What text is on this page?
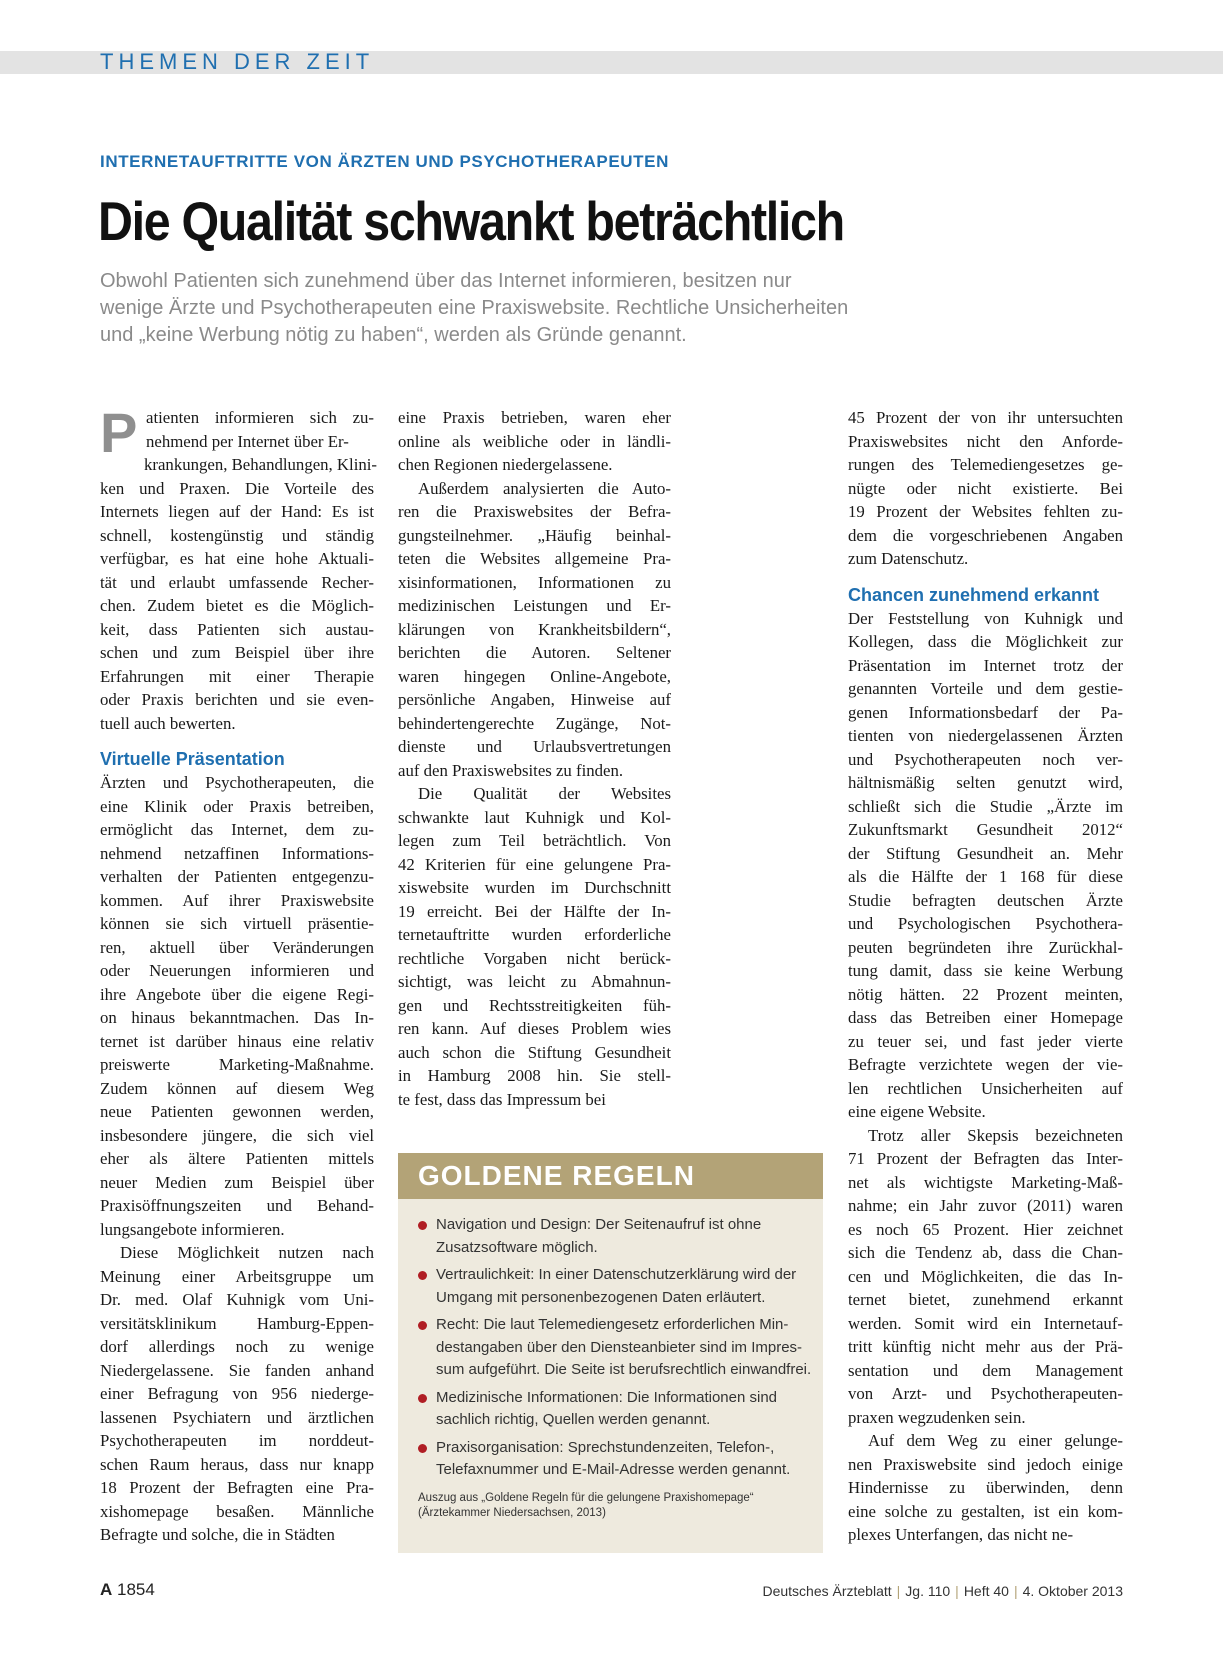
THEMEN DER ZEIT
INTERNETAUFTRITTE VON ÄRZTEN UND PSYCHOTHERAPEUTEN
Die Qualität schwankt beträchtlich

Obwohl Patienten sich zunehmend über das Internet informieren, besitzen nur

wenige Ärzte und Psychotherapeuten eine Praxiswebsite. Rechtliche Unsicherheiten

und „keine Werbung nötig zu haben“, werden als Gründe genannt.

P atienten informieren sich zu-

nehmend per Internet über Er-

krankungen, Behandlungen, Klini-

ken und Praxen. Die Vorteile des

Internets liegen auf der Hand: Es ist

schnell, kostengünstig und ständig

verfügbar, es hat eine hohe Aktuali-

tät und erlaubt umfassende Recher-

chen. Zudem bietet es die Möglich-

keit, dass Patienten sich austau-

schen und zum Beispiel über ihre

Erfahrungen mit einer Therapie

oder Praxis berichten und sie even-

tuell auch bewerten.

Virtuelle Präsentation

Ärzten und Psychotherapeuten, die

eine Klinik oder Praxis betreiben,

ermöglicht das Internet, dem zu-

nehmend netzaffinen Informations-

verhalten der Patienten entgegenzu-

kommen. Auf ihrer Praxiswebsite

können sie sich virtuell präsentie-

ren, aktuell über Veränderungen

oder Neuerungen informieren und

ihre Angebote über die eigene Regi-

on hinaus bekanntmachen. Das In-

ternet ist darüber hinaus eine relativ

preiswerte Marketing-Maßnahme.

Zudem können auf diesem Weg

neue Patienten gewonnen werden,

insbesondere jüngere, die sich viel

eher als ältere Patienten mittels

neuer Medien zum Beispiel über

Praxisöffnungszeiten und Behand-

lungsangebote informieren.

Diese Möglichkeit nutzen nach

Meinung einer Arbeitsgruppe um

Dr. med. Olaf Kuhnigk vom Uni-

versitätsklinikum Hamburg-Eppen-

dorf allerdings noch zu wenige

Niedergelassene. Sie fanden anhand

einer Befragung von 956 niederge-

lassenen Psychiatern und ärztlichen

Psychotherapeuten im norddeut-

schen Raum heraus, dass nur knapp

18 Prozent der Befragten eine Pra-

xishomepage besaßen. Männliche

Befragte und solche, die in Städten

eine Praxis betrieben, waren eher

online als weibliche oder in ländli-

chen Regionen niedergelassene.

Außerdem analysierten die Auto-

ren die Praxiswebsites der Befra-

gungsteilnehmer. „Häufig beinhal-

teten die Websites allgemeine Pra-

xisinformationen, Informationen zu

medizinischen Leistungen und Er-

klärungen von Krankheitsbildern“,

berichten die Autoren. Seltener

waren hingegen Online-Angebote,

persönliche Angaben, Hinweise auf

behindertengerechte Zugänge, Not-

dienste und Urlaubsvertretungen

auf den Praxiswebsites zu finden.

Die Qualität der Websites

schwankte laut Kuhnigk und Kol-

legen zum Teil beträchtlich. Von

42 Kriterien für eine gelungene Pra-

xiswebsite wurden im Durchschnitt

19 erreicht. Bei der Hälfte der In-

ternetauftritte wurden erforderliche

rechtliche Vorgaben nicht berück-

sichtigt, was leicht zu Abmahnun-

gen und Rechtsstreitigkeiten füh-

ren kann. Auf dieses Problem wies

auch schon die Stiftung Gesundheit

in Hamburg 2008 hin. Sie stell-

te fest, dass das Impressum bei

45 Prozent der von ihr untersuchten

Praxiswebsites nicht den Anforde-

rungen des Telemediengesetzes ge-

nügte oder nicht existierte. Bei

19 Prozent der Websites fehlten zu-

dem die vorgeschriebenen Angaben

zum Datenschutz.

Chancen zunehmend erkannt

Der Feststellung von Kuhnigk und

Kollegen, dass die Möglichkeit zur

Präsentation im Internet trotz der

genannten Vorteile und dem gestie-

genen Informationsbedarf der Pa-

tienten von niedergelassenen Ärzten

und Psychotherapeuten noch ver-

hältnismäßig selten genutzt wird,

schließt sich die Studie „Ärzte im

Zukunftsmarkt Gesundheit 2012“

der Stiftung Gesundheit an. Mehr

als die Hälfte der 1 168 für diese

Studie befragten deutschen Ärzte

und Psychologischen Psychothera-

peuten begründeten ihre Zurückhal-

tung damit, dass sie keine Werbung

nötig hätten. 22 Prozent meinten,

dass das Betreiben einer Homepage

zu teuer sei, und fast jeder vierte

Befragte verzichtete wegen der vie-

len rechtlichen Unsicherheiten auf

eine eigene Website.

Trotz aller Skepsis bezeichneten

71 Prozent der Befragten das Inter-

net als wichtigste Marketing-Maß-

nahme; ein Jahr zuvor (2011) waren

es noch 65 Prozent. Hier zeichnet

sich die Tendenz ab, dass die Chan-

cen und Möglichkeiten, die das In-

ternet bietet, zunehmend erkannt

werden. Somit wird ein Internetauf-

tritt künftig nicht mehr aus der Prä-

sentation und dem Management

von Arzt- und Psychotherapeuten-

praxen wegzudenken sein.

Auf dem Weg zu einer gelunge-

nen Praxiswebsite sind jedoch einige

Hindernisse zu überwinden, denn

eine solche zu gestalten, ist ein kom-

plexes Unterfangen, das nicht ne-

GOLDENE REGELN
Navigation und Design: Der Seitenaufruf ist ohne
Zusatzsoftware möglich.
Vertraulichkeit: In einer Datenschutzerklärung wird der
Umgang mit personenbezogenen Daten erläutert.
Recht: Die laut Telemediengesetz erforderlichen Min-
destangaben über den Diensteanbieter sind im Impres-
sum aufgeführt. Die Seite ist berufsrechtlich einwandfrei.
Medizinische Informationen: Die Informationen sind
sachlich richtig, Quellen werden genannt.
Praxisorganisation: Sprechstundenzeiten, Telefon-,
Telefaxnummer und E-Mail-Adresse werden genannt.
Auszug aus „Goldene Regeln für die gelungene Praxishomepage“
(Ärztekammer Niedersachsen, 2013)
A 1854	Deutsches Ärzteblatt | Jg. 110 | Heft 40 | 4. Oktober 2013
